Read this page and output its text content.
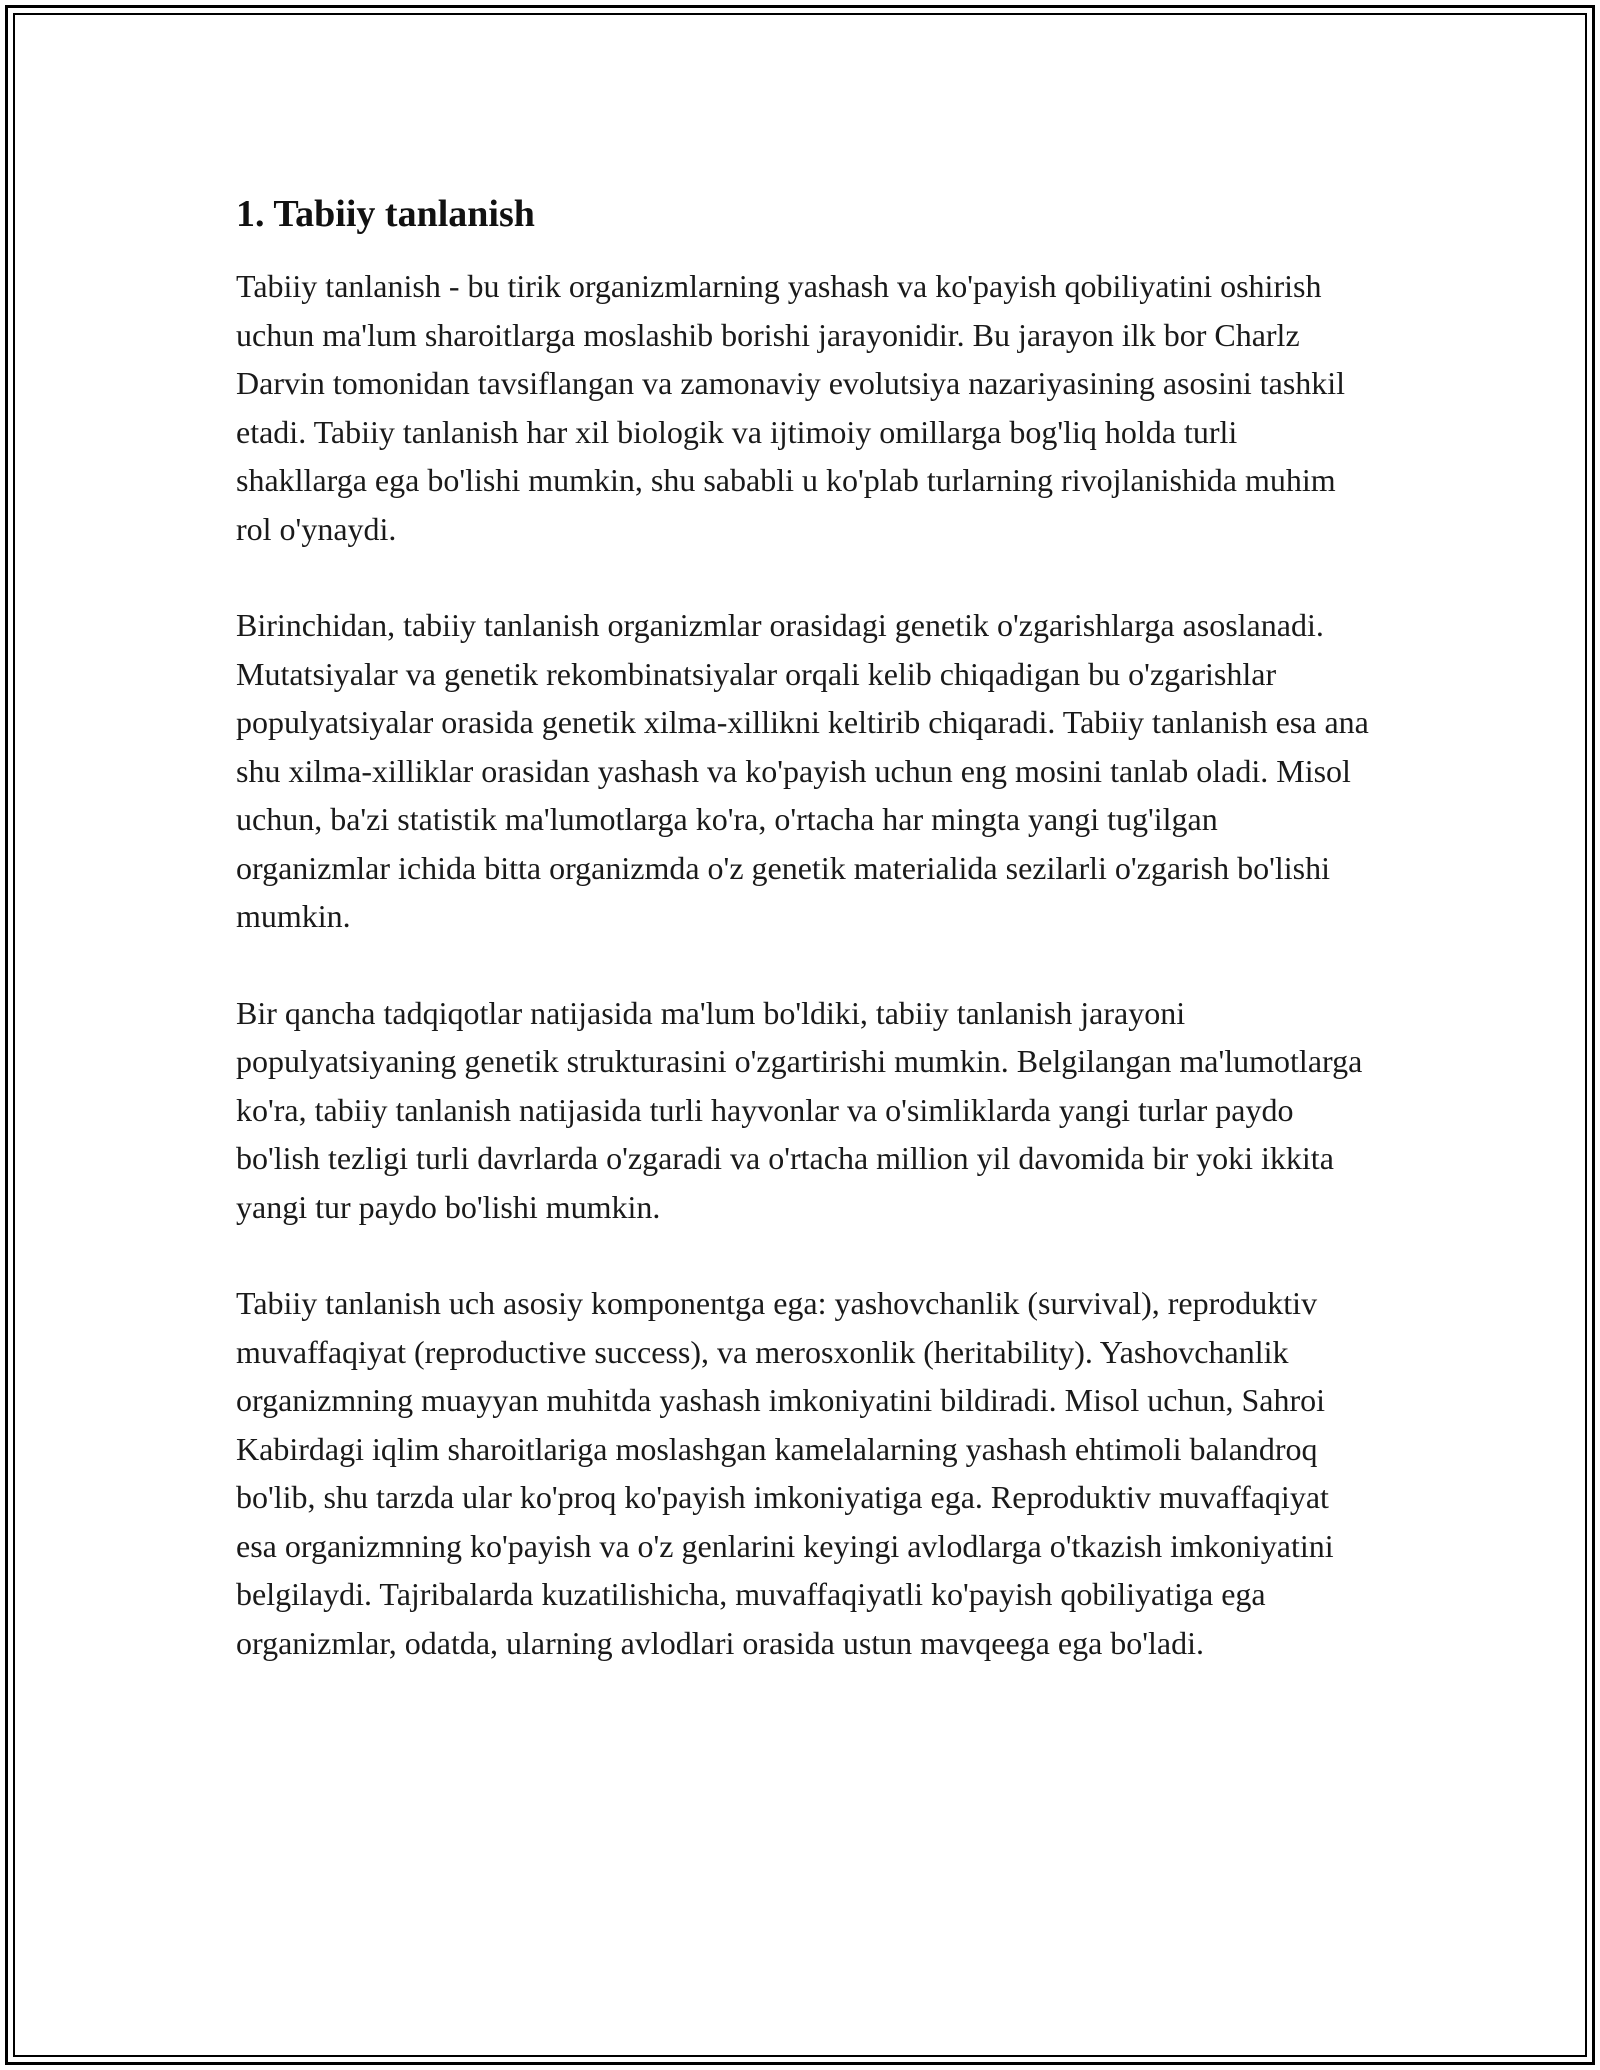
1. Tabiiy tanlanish

Tabiiy tanlanish - bu tirik organizmlarning yashash va ko'payish qobiliyatini oshirish uchun ma'lum sharoitlarga moslashib borishi jarayonidir. Bu jarayon ilk bor Charlz Darvin tomonidan tavsiflangan va zamonaviy evolutsiya nazariyasining asosini tashkil etadi. Tabiiy tanlanish har xil biologik va ijtimoiy omillarga bog'liq holda turli shakllarga ega bo'lishi mumkin, shu sababli u ko'plab turlarning rivojlanishida muhim rol o'ynaydi.

Birinchidan, tabiiy tanlanish organizmlar orasidagi genetik o'zgarishlarga asoslanadi. Mutatsiyalar va genetik rekombinatsiyalar orqali kelib chiqadigan bu o'zgarishlar populyatsiyalar orasida genetik xilma-xillikni keltirib chiqaradi. Tabiiy tanlanish esa ana shu xilma-xilliklar orasidan yashash va ko'payish uchun eng mosini tanlab oladi. Misol uchun, ba'zi statistik ma'lumotlarga ko'ra, o'rtacha har mingta yangi tug'ilgan organizmlar ichida bitta organizmda o'z genetik materialida sezilarli o'zgarish bo'lishi mumkin.

Bir qancha tadqiqotlar natijasida ma'lum bo'ldiki, tabiiy tanlanish jarayoni populyatsiyaning genetik strukturasini o'zgartirishi mumkin. Belgilangan ma'lumotlarga ko'ra, tabiiy tanlanish natijasida turli hayvonlar va o'simliklarda yangi turlar paydo bo'lish tezligi turli davrlarda o'zgaradi va o'rtacha million yil davomida bir yoki ikkita yangi tur paydo bo'lishi mumkin.

Tabiiy tanlanish uch asosiy komponentga ega: yashovchanlik (survival), reproduktiv muvaffaqiyat (reproductive success), va merosxonlik (heritability). Yashovchanlik organizmning muayyan muhitda yashash imkoniyatini bildiradi. Misol uchun, Sahroi Kabirdagi iqlim sharoitlariga moslashgan kamelalarning yashash ehtimoli balandroq bo'lib, shu tarzda ular ko'proq ko'payish imkoniyatiga ega. Reproduktiv muvaffaqiyat esa organizmning ko'payish va o'z genlarini keyingi avlodlarga o'tkazish imkoniyatini belgilaydi. Tajribalarda kuzatilishicha, muvaffaqiyatli ko'payish qobiliyatiga ega organizmlar, odatda, ularning avlodlari orasida ustun mavqeega ega bo'ladi.
